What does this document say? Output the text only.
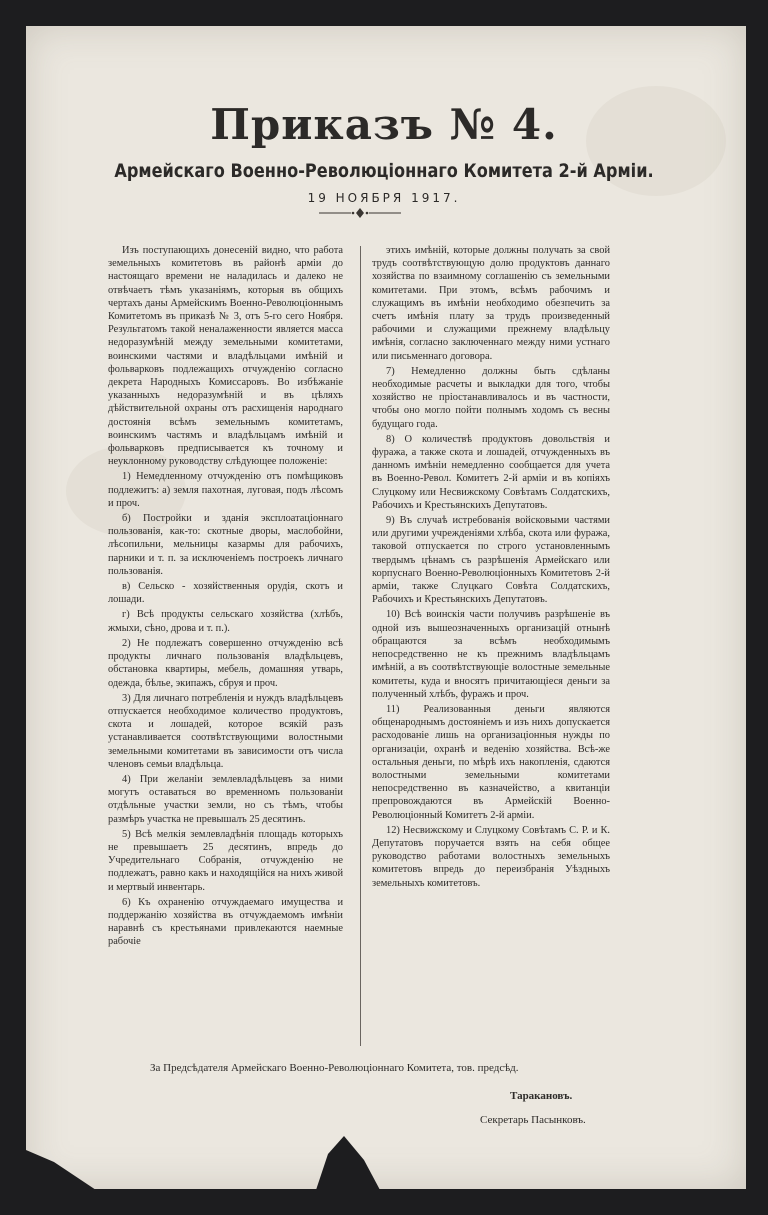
Приказъ № 4.
Армейскаго Военно-Революціоннаго Комитета 2-й Арміи.
19 НОЯБРЯ 1917.

Изъ поступающихъ донесеній видно, что работа земельныхъ комитетовъ въ районѣ арміи до настоящаго времени не наладилась и далеко не отвѣчаетъ тѣмъ указаніямъ, которыя въ общихъ чертахъ даны Армейскимъ Военно-Революціоннымъ Комитетомъ въ приказѣ № 3, отъ 5-го сего Ноября. Результатомъ такой неналаженности является масса недоразумѣній между земельными комитетами, воинскими частями и владѣльцами имѣній и фольварковъ подлежащихъ отчужденію согласно декрета Народныхъ Комиссаровъ. Во избѣжаніе указанныхъ недоразумѣній и въ цѣляхъ дѣйствительной охраны отъ расхищенія народнаго достоянія всѣмъ земельнымъ комитетамъ, воинскимъ частямъ и владѣльцамъ имѣній и фольварковъ предписывается къ точному и неуклонному руководству слѣдующее положеніе:

1) Немедленному отчужденію отъ помѣщиковъ подлежитъ: а) земля пахотная, луговая, подъ лѣсомъ и проч.

б) Постройки и зданія эксплоатаціоннаго пользованія, как-то: скотные дворы, маслобойни, лѣсопильни, мельницы казармы для рабочихъ, парники и т. п. за исключеніемъ построекъ личнаго пользованія.

в) Сельско - хозяйственныя орудія, скотъ и лошади.

г) Всѣ продукты сельскаго хозяйства (хлѣбъ, жмыхи, сѣно, дрова и т. п.).

2) Не подлежатъ совершенно отчужденію всѣ продукты личнаго пользованія владѣльцевъ, обстановка квартиры, мебель, домашняя утварь, одежда, бѣлье, экипажъ, сбруя и проч.

3) Для личнаго потребленія и нуждъ владѣльцевъ отпускается необходимое количество продуктовъ, скота и лошадей, которое всякій разъ устанавливается соотвѣтствующими волостными земельными комитетами въ зависимости отъ числа членовъ семьи владѣльца.

4) При желаніи землевладѣльцевъ за ними могутъ оставаться во временномъ пользованіи отдѣльные участки земли, но съ тѣмъ, чтобы размѣръ участка не превышалъ 25 десятинъ.

5) Всѣ мелкія землевладѣнія площадь которыхъ не превышаетъ 25 десятинъ, впредь до Учредительнаго Собранія, отчужденію не подлежатъ, равно какъ и находящійся на нихъ живой и мертвый инвентарь.

6) Къ охраненію отчуждаемаго имущества и поддержанію хозяйства въ отчуждаемомъ имѣніи наравнѣ съ крестьянами привлекаются наемные рабочіе

этихъ имѣній, которые должны получать за свой трудъ соотвѣтствующую долю продуктовъ даннаго хозяйства по взаимному соглашенію съ земельными комитетами. При этомъ, всѣмъ рабочимъ и служащимъ въ имѣніи необходимо обезпечить за счетъ имѣнія плату за трудъ произведенный рабочими и служащими прежнему владѣльцу имѣнія, согласно заключеннаго между ними устнаго или письменнаго договора.

7) Немедленно должны быть сдѣланы необходимые расчеты и выкладки для того, чтобы хозяйство не пріостанавливалось и въ частности, чтобы оно могло пойти полнымъ ходомъ съ весны будущаго года.

8) О количествѣ продуктовъ довольствія и фуража, а также скота и лошадей, отчужденныхъ въ данномъ имѣніи немедленно сообщается для учета въ Военно-Револ. Комитетъ 2-й арміи и въ копіяхъ Слуцкому или Несвижскому Совѣтамъ Солдатскихъ, Рабочихъ и Крестьянскихъ Депутатовъ.

9) Въ случаѣ истребованія войсковыми частями или другими учрежденіями хлѣба, скота или фуража, таковой отпускается по строго установленнымъ твердымъ цѣнамъ съ разрѣшенія Армейскаго или корпуснаго Военно-Революціонныхъ Комитетовъ 2-й арміи, также Слуцкаго Совѣта Солдатскихъ, Рабочихъ и Крестьянскихъ Депутатовъ.

10) Всѣ воинскія части получивъ разрѣшеніе въ одной изъ вышеозначенныхъ организацій отнынѣ обращаются за всѣмъ необходимымъ непосредственно не къ прежнимъ владѣльцамъ имѣній, а въ соотвѣтствующіе волостные земельные комитеты, куда и вносятъ причитающіеся деньги за полученный хлѣбъ, фуражъ и проч.

11) Реализованныя деньги являются общенароднымъ достояніемъ и изъ нихъ допускается расходованіе лишь на организаціонныя нужды по организаціи, охранѣ и веденію хозяйства. Всѣ-же остальныя деньги, по мѣрѣ ихъ накопленія, сдаются волостными земельными комитетами непосредственно въ казначейство, а квитанціи препровождаются въ Армейскій Военно-Революціонный Комитетъ 2-й арміи.

12) Несвижскому и Слуцкому Совѣтамъ С. Р. и К. Депутатовъ поручается взять на себя общее руководство работами волостныхъ земельныхъ комитетовъ впредь до переизбранія Уѣздныхъ земельныхъ комитетовъ.

За Предсѣдателя Армейскаго Военно-Революціоннаго Комитета, тов. предсѣд.
Таракановъ.
Секретарь Пасынковъ.
